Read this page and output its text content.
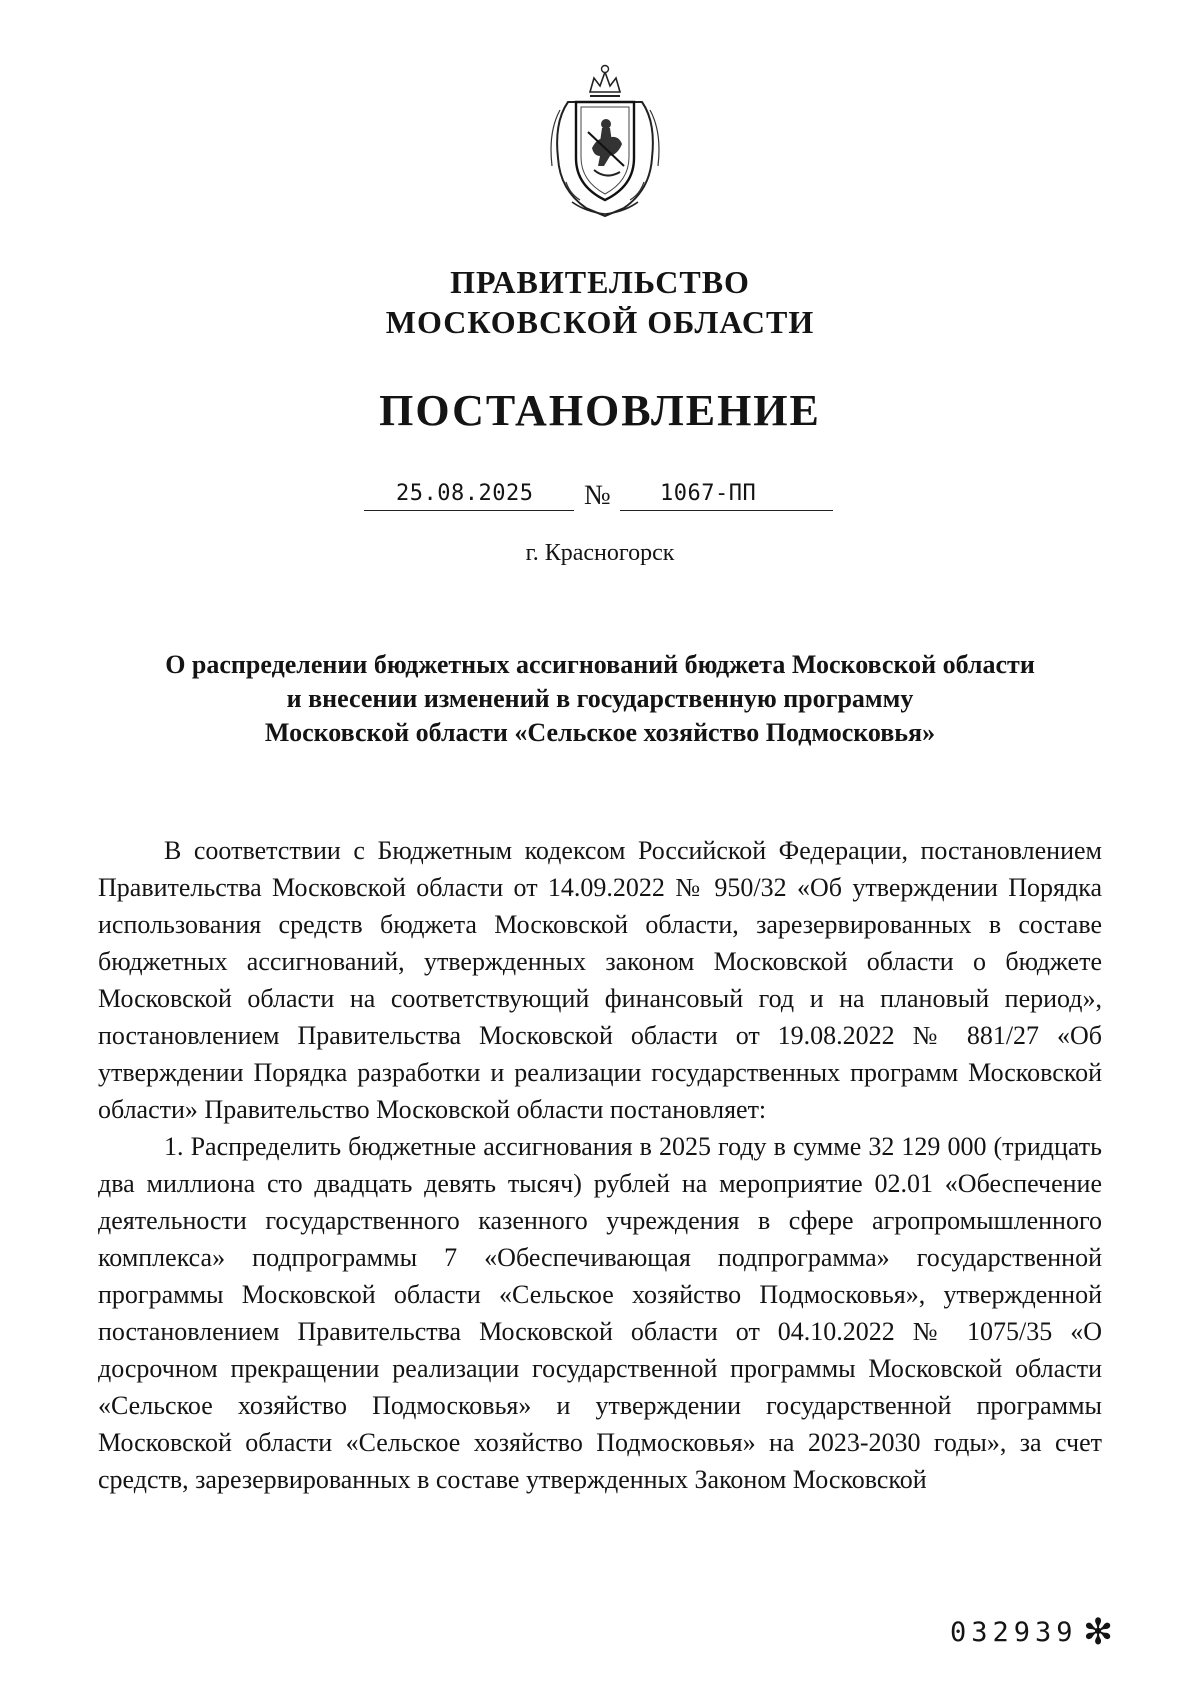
ПРАВИТЕЛЬСТВО
МОСКОВСКОЙ ОБЛАСТИ
ПОСТАНОВЛЕНИЕ
25.08.2025 № 1067-ПП
г. Красногорск
О распределении бюджетных ассигнований бюджета Московской области
и внесении изменений в государственную программу
Московской области «Сельское хозяйство Подмосковья»

В соответствии с Бюджетным кодексом Российской Федерации, постановлением Правительства Московской области от 14.09.2022 № 950/32 «Об утверждении Порядка использования средств бюджета Московской области, зарезервированных в составе бюджетных ассигнований, утвержденных законом Московской области о бюджете Московской области на соответствующий финансовый год и на плановый период», постановлением Правительства Московской области от 19.08.2022 № 881/27 «Об утверждении Порядка разработки и реализации государственных программ Московской области» Правительство Московской области постановляет:

1. Распределить бюджетные ассигнования в 2025 году в сумме 32 129 000 (тридцать два миллиона сто двадцать девять тысяч) рублей на мероприятие 02.01 «Обеспечение деятельности государственного казенного учреждения в сфере агропромышленного комплекса» подпрограммы 7 «Обеспечивающая подпрограмма» государственной программы Московской области «Сельское хозяйство Подмосковья», утвержденной постановлением Правительства Московской области от 04.10.2022 № 1075/35 «О досрочном прекращении реализации государственной программы Московской области «Сельское хозяйство Подмосковья» и утверждении государственной программы Московской области «Сельское хозяйство Подмосковья» на 2023-2030 годы», за счет средств, зарезервированных в составе утвержденных Законом Московской

032939 ✻
